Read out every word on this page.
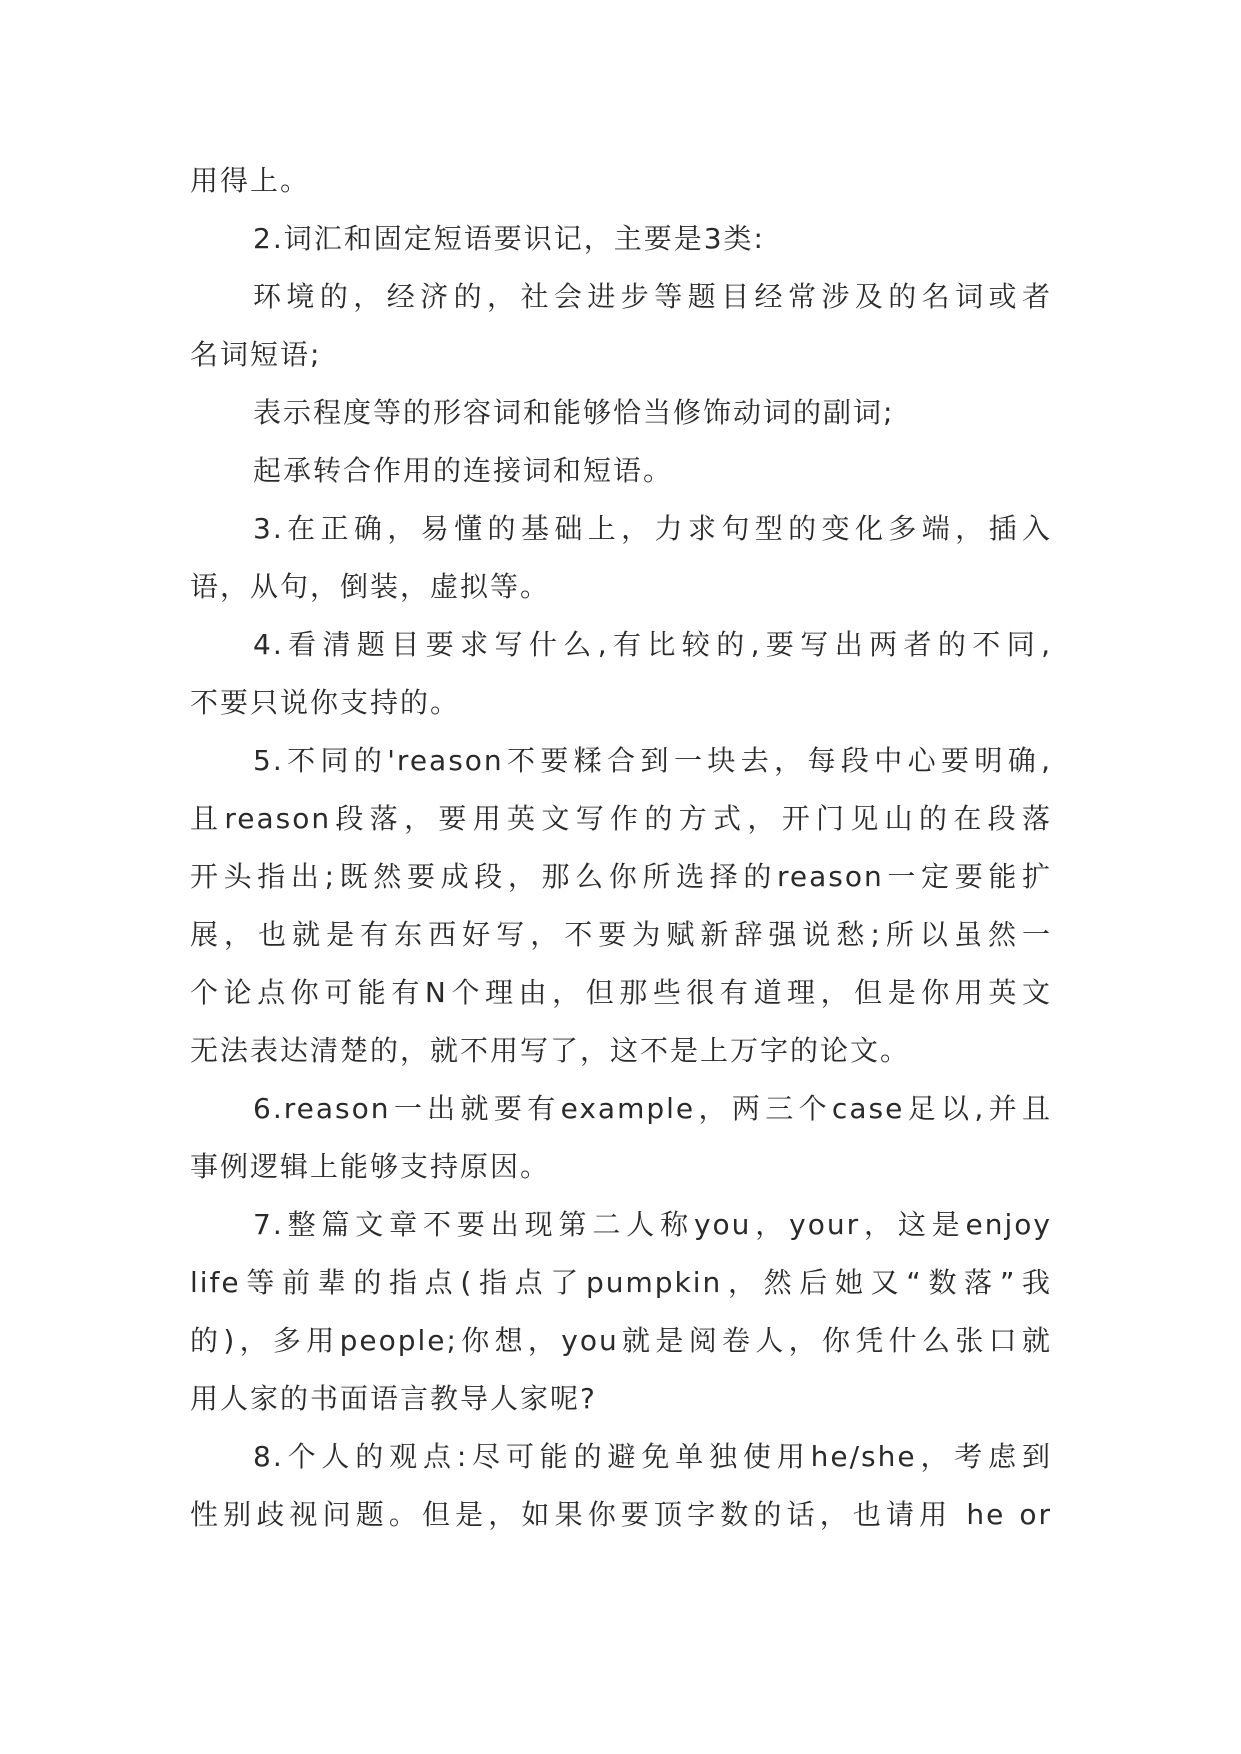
用得上。
2.词汇和固定短语要识记，主要是3类:
环境的，经济的，社会进步等题目经常涉及的名词或者
名词短语;
表示程度等的形容词和能够恰当修饰动词的副词;
起承转合作用的连接词和短语。
3.在正确，易懂的基础上，力求句型的变化多端，插入
语，从句，倒装，虚拟等。
4.看清题目要求写什么,有比较的,要写出两者的不同,
不要只说你支持的。
5.不同的'reason不要糅合到一块去，每段中心要明确,
且reason段落，要用英文写作的方式，开门见山的在段落
开头指出;既然要成段，那么你所选择的reason一定要能扩
展，也就是有东西好写，不要为赋新辞强说愁;所以虽然一
个论点你可能有N个理由，但那些很有道理，但是你用英文
无法表达清楚的，就不用写了，这不是上万字的论文。
6.reason一出就要有example，两三个case足以,并且
事例逻辑上能够支持原因。
7.整篇文章不要出现第二人称you，your，这是enjoy
life等前辈的指点(指点了pumpkin，然后她又“数落”我
的)，多用people;你想，you就是阅卷人，你凭什么张口就
用人家的书面语言教导人家呢?
8.个人的观点:尽可能的避免单独使用he/she，考虑到
性别歧视问题。但是，如果你要顶字数的话，也请用 he or
